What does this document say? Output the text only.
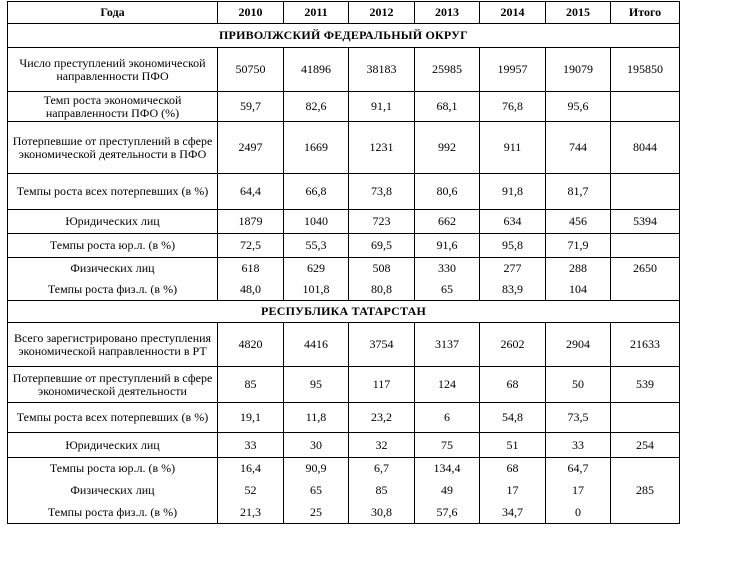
Года	2010	2011	2012	2013	2014	2015	Итого
ПРИВОЛЖСКИЙ ФЕДЕРАЛЬНЫЙ ОКРУГ							
Число преступлений экономической направленности ПФО	50750	41896	38183	25985	19957	19079	195850
Темп роста экономической направленности ПФО (%)	59,7	82,6	91,1	68,1	76,8	95,6	
Потерпевшие от преступлений в сфере экономической деятельности в ПФО	2497	1669	1231	992	911	744	8044
Темпы роста всех потерпевших (в %)	64,4	66,8	73,8	80,6	91,8	81,7	
Юридических лиц	1879	1040	723	662	634	456	5394
Темпы роста юр.л. (в %)	72,5	55,3	69,5	91,6	95,8	71,9	
Физических лиц	618	629	508	330	277	288	2650
Темпы роста физ.л. (в %)	48,0	101,8	80,8	65	83,9	104	
РЕСПУБЛИКА ТАТАРСТАН							
Всего зарегистрировано преступления экономической направленности в РТ	4820	4416	3754	3137	2602	2904	21633
Потерпевшие от преступлений в сфере экономической деятельности	85	95	117	124	68	50	539
Темпы роста всех потерпевших (в %)	19,1	11,8	23,2	6	54,8	73,5	
Юридических лиц	33	30	32	75	51	33	254
Темпы роста юр.л. (в %)	16,4	90,9	6,7	134,4	68	64,7	
Физических лиц	52	65	85	49	17	17	285
Темпы роста физ.л. (в %)	21,3	25	30,8	57,6	34,7	0	
